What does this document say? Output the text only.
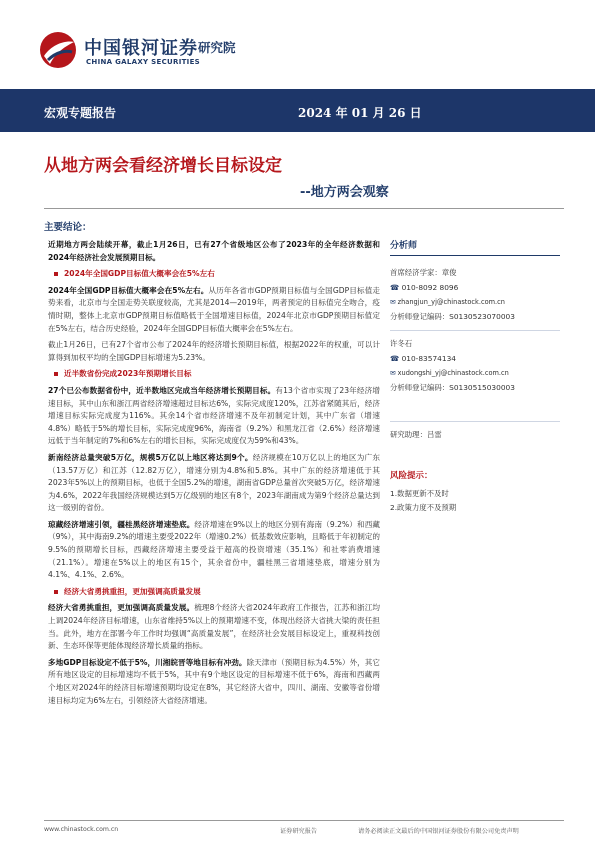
中国银河证券
CHINA GALAXY SECURITIES
研究院
宏观专题报告	2024 年 01 月 26 日
从地方两会看经济增长目标设定
--地方两会观察
主要结论：

近期地方两会陆续开幕，截止1月26日，已有27个省级地区公布了2023年的全年经济数据和2024年经济社会发展预期目标。

2024年全国GDP目标值大概率会在5%左右

2024年全国GDP目标值大概率会在5%左右。从历年各省市GDP预期目标值与全国GDP目标值走势来看，北京市与全国走势关联度较高，尤其是2014—2019年，两者预定的目标值完全吻合，疫情时期，整体上北京市GDP预期目标值略低于全国增速目标值，2024年北京市GDP预期目标值定在5%左右，结合历史经验，2024年全国GDP目标值大概率会在5%左右。

截止1月26日，已有27个省市公布了2024年的经济增长预期目标值，根据2022年的权重，可以计算得到加权平均的全国GDP目标增速为5.23%。

近半数省份完成2023年预期增长目标

27个已公布数据省份中，近半数地区完成当年经济增长预期目标。有13个省市实现了23年经济增速目标，其中山东和浙江两省经济增速超过目标达6%，实际完成度120%，江苏省紧随其后，经济增速目标实际完成度为116%。其余14个省市经济增速不及年初制定计划，其中广东省（增速4.8%）略低于5%的增长目标，实际完成度96%，海南省（9.2%）和黑龙江省（2.6%）经济增速远低于当年制定的7%和6%左右的增长目标，实际完成度仅为59%和43%。

新南经济总量突破5万亿，规模5万亿以上地区将达到9个。经济规模在10万亿以上的地区为广东（13.57万亿）和江苏（12.82万亿），增速分别为4.8%和5.8%。其中广东的经济增速低于其2023年5%以上的预期目标，也低于全国5.2%的增速，湖南省GDP总量首次突破5万亿，经济增速为4.6%，2022年我国经济规模达到5万亿级别的地区有8个，2023年湖南成为第9个经济总量达到这一级别的省份。

琼藏经济增速引领，疆桂黑经济增速垫底。经济增速在9%以上的地区分别有海南（9.2%）和西藏（9%），其中海南9.2%的增速主要受2022年（增速0.2%）低基数效应影响，且略低于年初制定的9.5%的预期增长目标，西藏经济增速主要受益于超高的投资增速（35.1%）和社零消费增速（21.1%）。增速在5%以上的地区有15个，其余省份中，疆桂黑三省增速垫底，增速分别为4.1%、4.1%、2.6%。

经济大省勇挑重担，更加强调高质量发展

经济大省勇挑重担，更加强调高质量发展。梳理8个经济大省2024年政府工作报告，江苏和浙江均上调2024年经济目标增速，山东省维持5%以上的预期增速不变，体现出经济大省挑大梁的责任担当。此外，地方在部署今年工作时均强调“高质量发展”，在经济社会发展目标设定上，重视科技创新、生态环保等更能体现经济增长质量的指标。

多地GDP目标设定不低于5%，川湘皖晋等地目标有冲劲。除天津市（预期目标为4.5%）外，其它所有地区设定的目标增速均不低于5%，其中有9个地区设定的目标增速不低于6%，海南和西藏两个地区对2024年的经济目标增速预期均设定在8%，其它经济大省中，四川、湖南、安徽等省份增速目标均定为6%左右，引领经济大省经济增速。

分析师
首席经济学家：章俊
☎ 010-8092 8096
✉ zhangjun_yj@chinastock.com.cn
分析师登记编码：S0130523070003
许冬石
☎ 010-83574134
✉ xudongshi_yj@chinastock.com.cn
分析师登记编码：S0130515030003
研究助理：吕雷
风险提示：
1.数据更新不及时
2.政策力度不及预期
www.chinastock.com.cn	证券研究报告	请务必阅读正文最后的中国银河证券股份有限公司免责声明
